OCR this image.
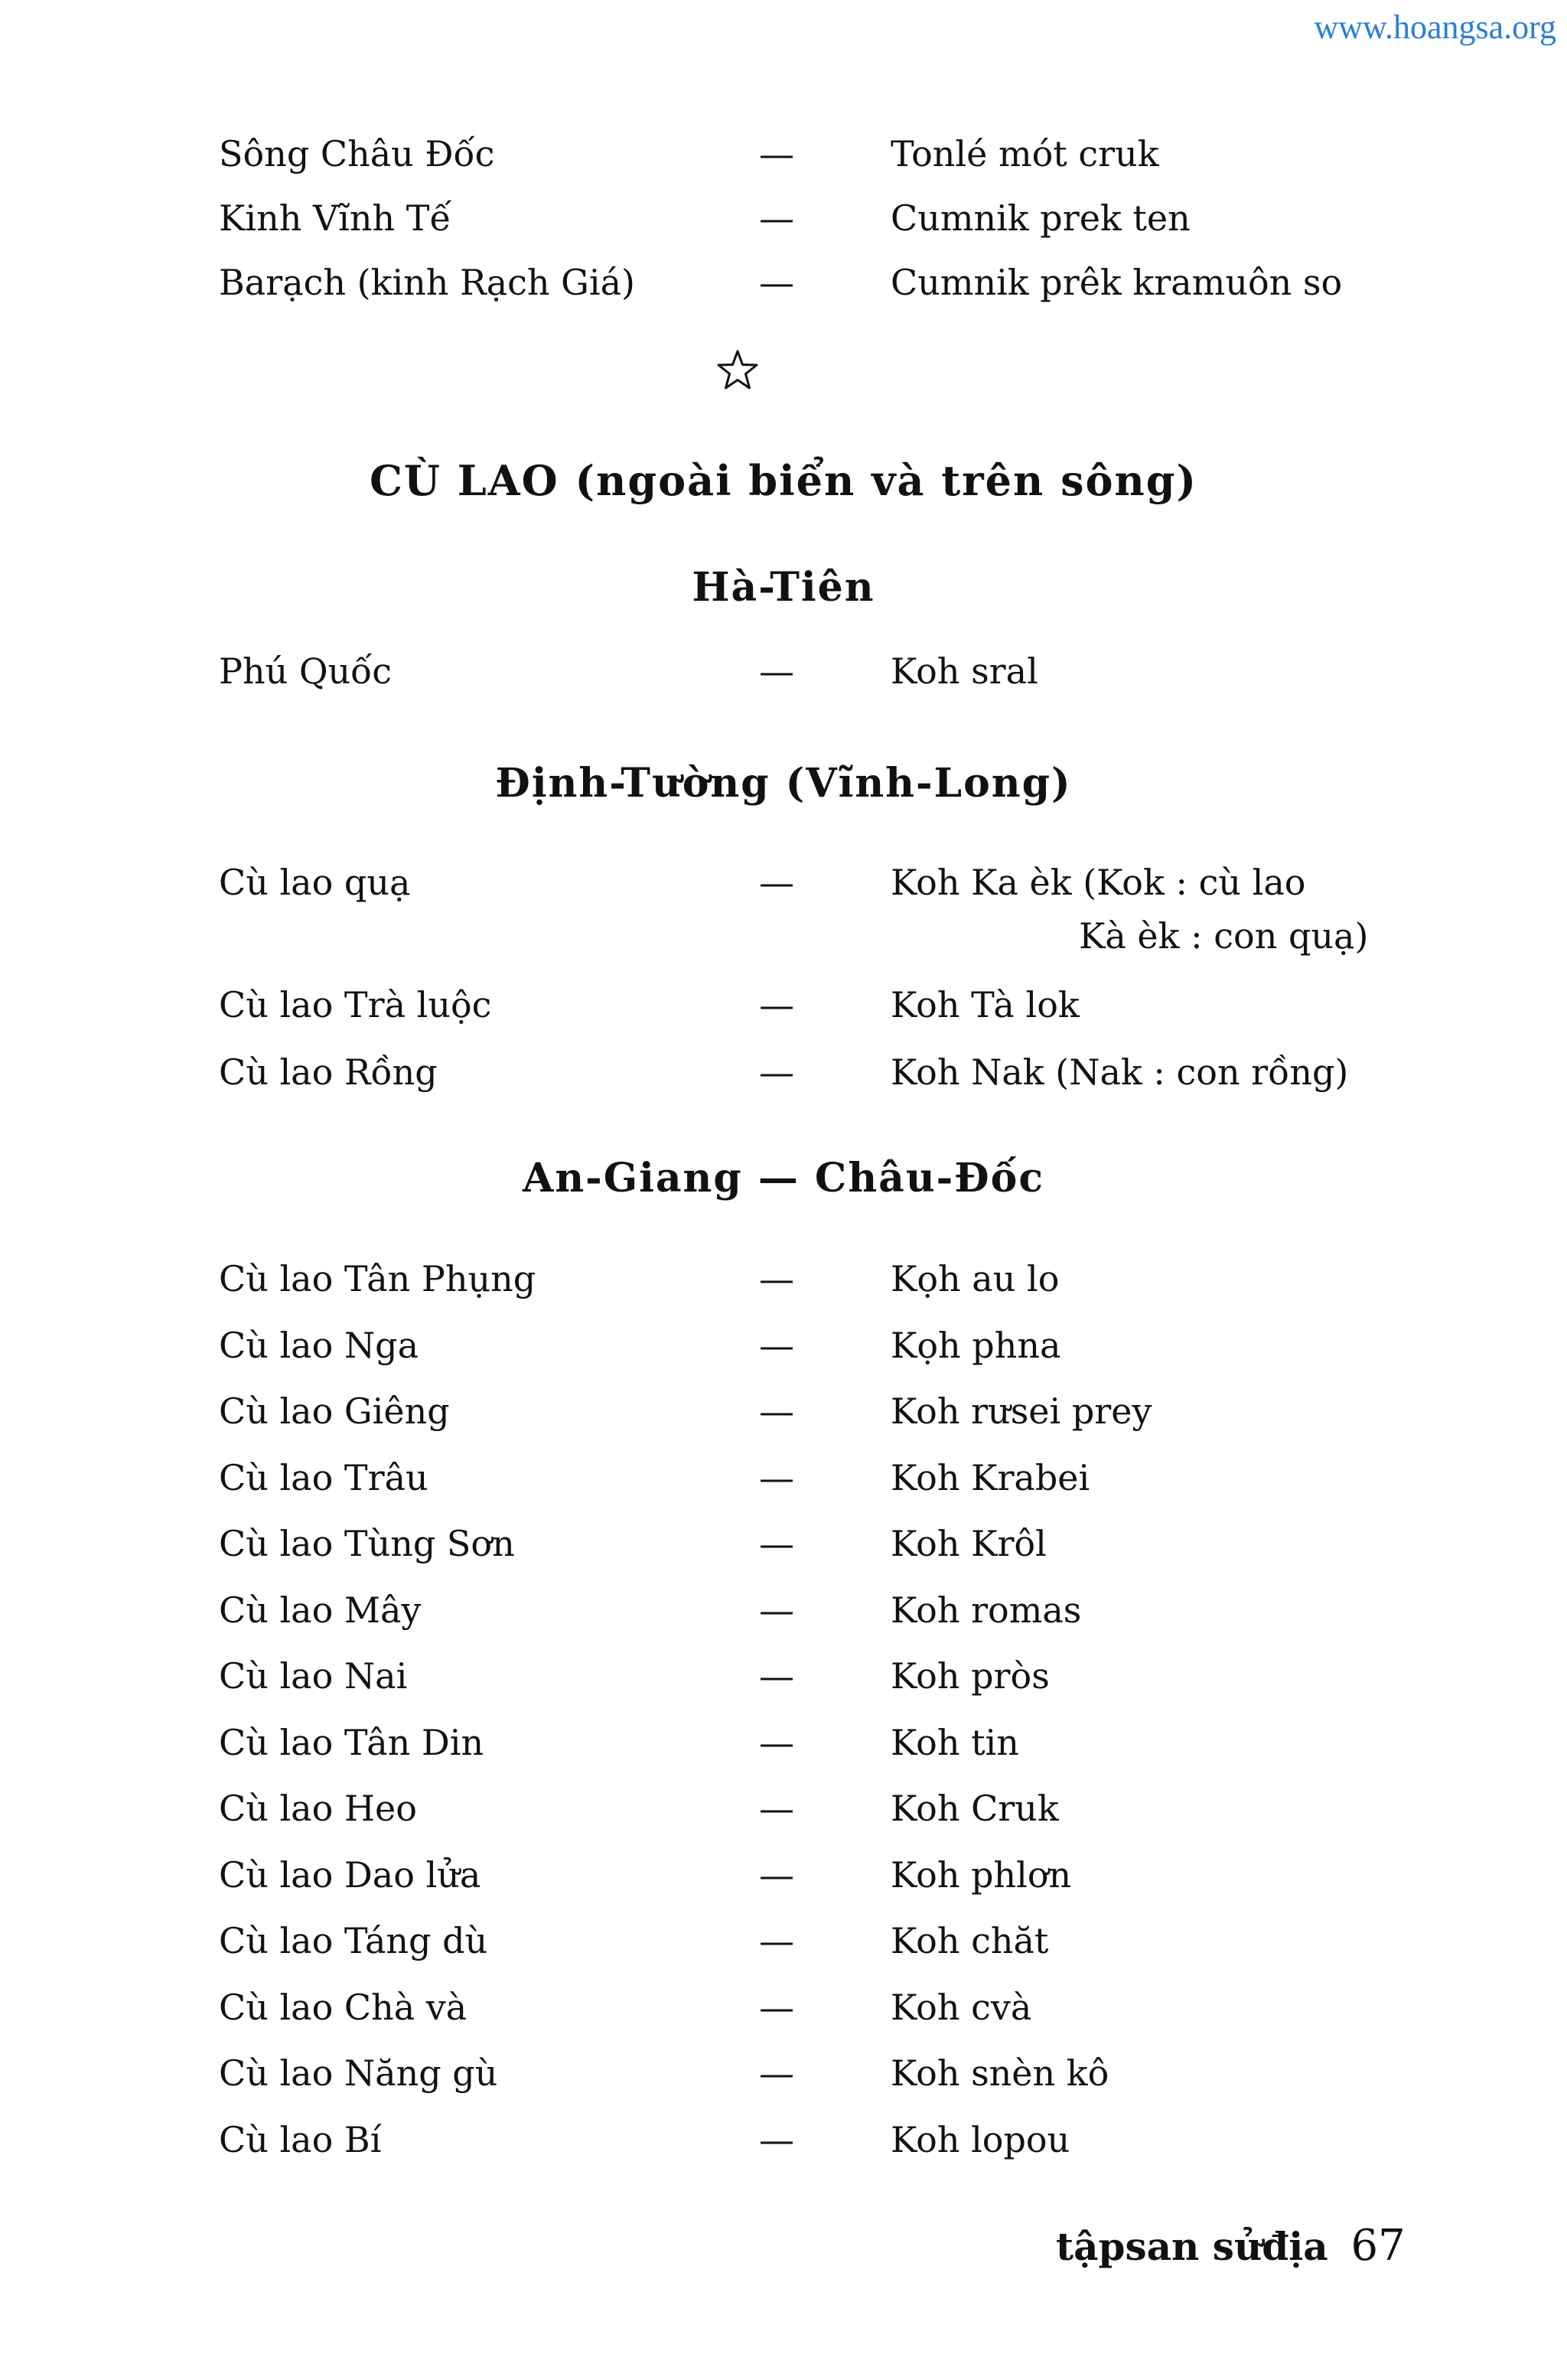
www.hoangsa.org
Sông Châu Đốc	—	Tonlé mót cruk
Kinh Vĩnh Tế	—	Cumnik prek ten
Barạch (kinh Rạch Giá)	—	Cumnik prêk kramuôn so
CÙ LAO (ngoài biển và trên sông)
Hà-Tiên
Phú Quốc	—	Koh sral
Định-Tường (Vĩnh-Long)
Cù lao quạ	—	Koh Ka èk (Kok : cù lao
Kà èk : con quạ)
Cù lao Trà luộc	—	Koh Tà lok
Cù lao Rồng	—	Koh Nak (Nak : con rồng)
An-Giang — Châu-Đốc
Cù lao Tân Phụng	—	Kọh au lo
Cù lao Nga	—	Kọh phna
Cù lao Giêng	—	Koh rưsei prey
Cù lao Trâu	—	Koh Krabei
Cù lao Tùng Sơn	—	Koh Krôl
Cù lao Mây	—	Koh romas
Cù lao Nai	—	Koh pròs
Cù lao Tân Din	—	Koh tin
Cù lao Heo	—	Koh Cruk
Cù lao Dao lửa	—	Koh phlơn
Cù lao Táng dù	—	Koh chăt
Cù lao Chà và	—	Koh cvà
Cù lao Năng gù	—	Koh snèn kô
Cù lao Bí	—	Koh lopou
tậpsan sửđịa 67
